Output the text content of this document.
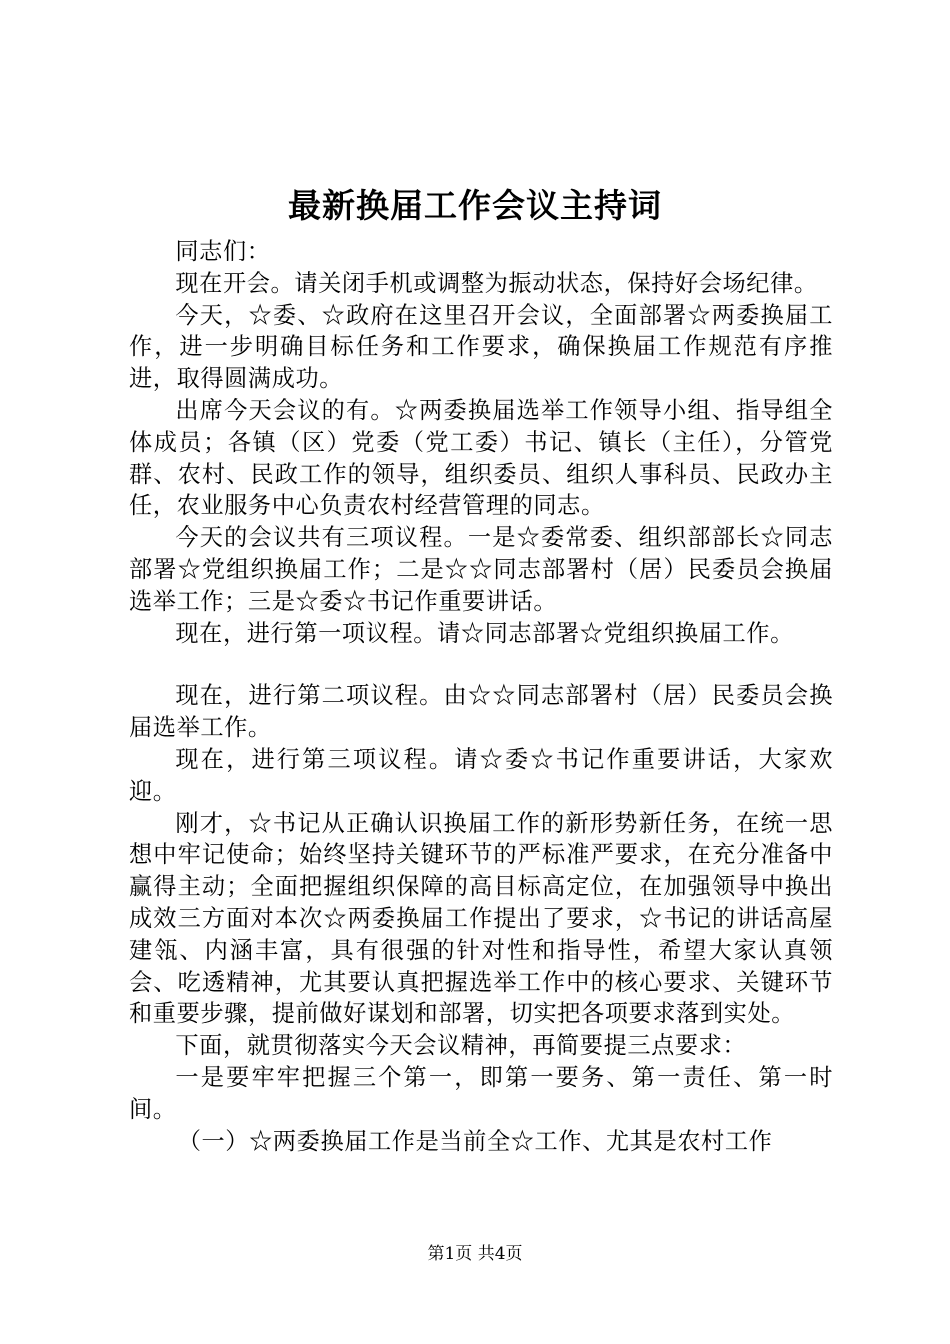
最新换届工作会议主持词

同志们：

现在开会。请关闭手机或调整为振动状态，保持好会场纪律。

今天，☆委、☆政府在这里召开会议，全面部署☆两委换届工作，进一步明确目标任务和工作要求，确保换届工作规范有序推进，取得圆满成功。

出席今天会议的有。☆两委换届选举工作领导小组、指导组全体成员；各镇（区）党委（党工委）书记、镇长（主任），分管党群、农村、民政工作的领导，组织委员、组织人事科员、民政办主任，农业服务中心负责农村经营管理的同志。

今天的会议共有三项议程。一是☆委常委、组织部部长☆同志部署☆党组织换届工作；二是☆☆同志部署村（居）民委员会换届选举工作；三是☆委☆书记作重要讲话。

现在，进行第一项议程。请☆同志部署☆党组织换届工作。

现在，进行第二项议程。由☆☆同志部署村（居）民委员会换届选举工作。

现在，进行第三项议程。请☆委☆书记作重要讲话，大家欢迎。

刚才，☆书记从正确认识换届工作的新形势新任务，在统一思想中牢记使命；始终坚持关键环节的严标准严要求，在充分准备中赢得主动；全面把握组织保障的高目标高定位，在加强领导中换出成效三方面对本次☆两委换届工作提出了要求，☆书记的讲话高屋建瓴、内涵丰富，具有很强的针对性和指导性，希望大家认真领会、吃透精神，尤其要认真把握选举工作中的核心要求、关键环节和重要步骤，提前做好谋划和部署，切实把各项要求落到实处。

下面，就贯彻落实今天会议精神，再简要提三点要求：

一是要牢牢把握三个第一，即第一要务、第一责任、第一时间。

（一）☆两委换届工作是当前全☆工作、尤其是农村工作

第1页 共4页
